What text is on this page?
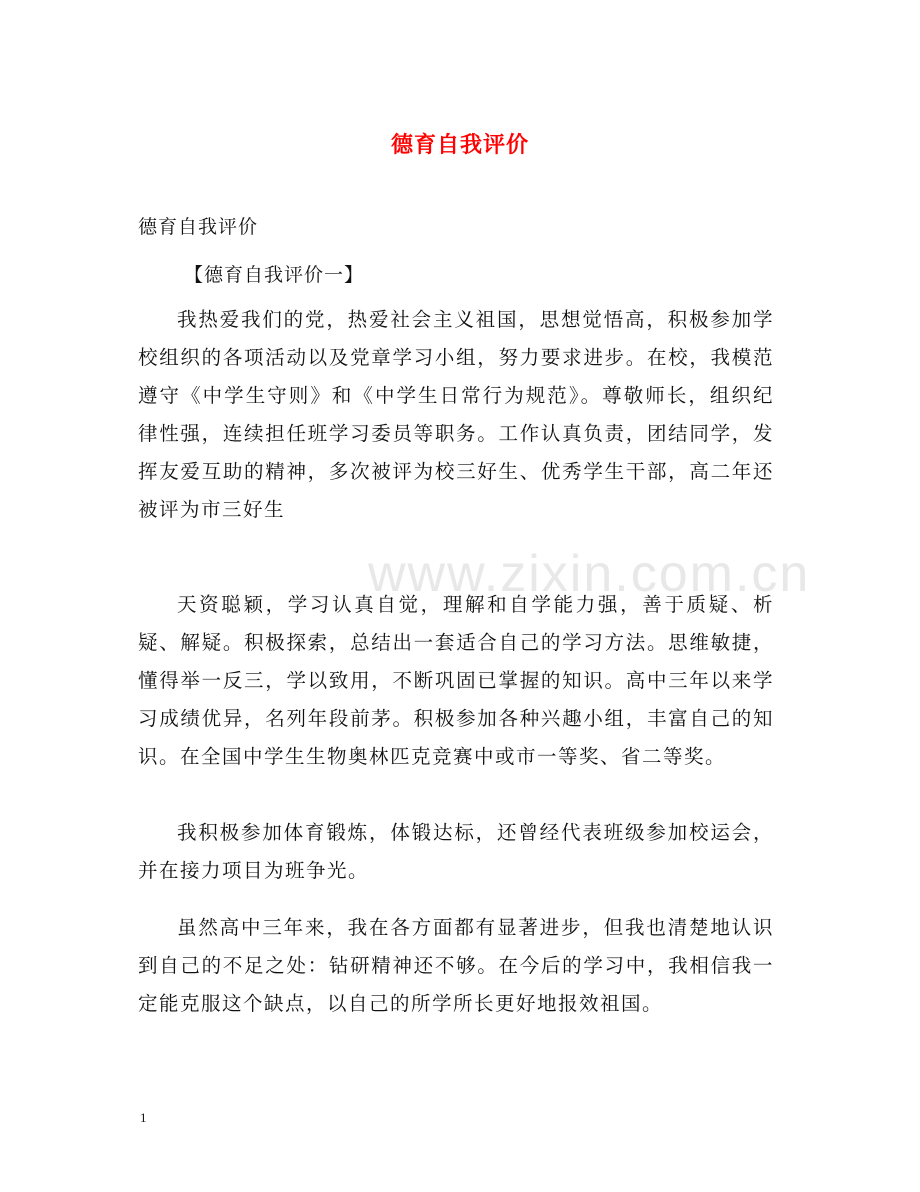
德育自我评价
德育自我评价
【德育自我评价一】
我热爱我们的党，热爱社会主义祖国，思想觉悟高，积极参加学校组织的各项活动以及党章学习小组，努力要求进步。在校，我模范遵守《中学生守则》和《中学生日常行为规范》。尊敬师长，组织纪律性强，连续担任班学习委员等职务。工作认真负责，团结同学，发挥友爱互助的精神，多次被评为校三好生、优秀学生干部，高二年还被评为市三好生
天资聪颖，学习认真自觉，理解和自学能力强，善于质疑、析疑、解疑。积极探索，总结出一套适合自己的学习方法。思维敏捷，懂得举一反三，学以致用，不断巩固已掌握的知识。高中三年以来学习成绩优异，名列年段前茅。积极参加各种兴趣小组，丰富自己的知识。在全国中学生生物奥林匹克竞赛中或市一等奖、省二等奖。
我积极参加体育锻炼，体锻达标，还曾经代表班级参加校运会，并在接力项目为班争光。
虽然高中三年来，我在各方面都有显著进步，但我也清楚地认识到自己的不足之处：钻研精神还不够。在今后的学习中，我相信我一定能克服这个缺点，以自己的所学所长更好地报效祖国。
www.zixin.com.cn
1
